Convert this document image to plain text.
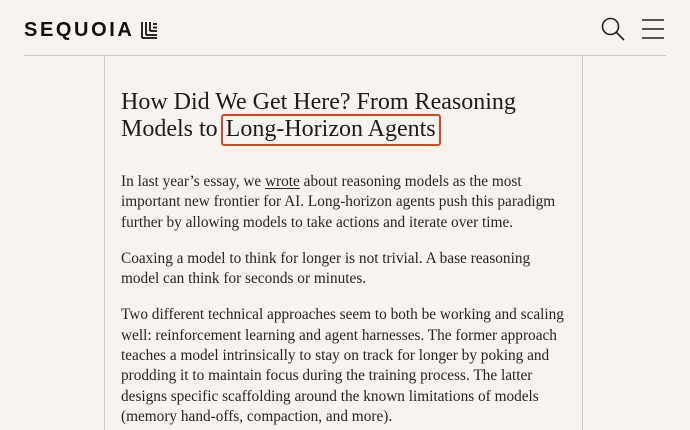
SEQUOIA
How Did We Get Here? From Reasoning Models to Long-Horizon Agents

In last year’s essay, we wrote about reasoning models as the most important new frontier for AI. Long-horizon agents push this paradigm further by allowing models to take actions and iterate over time.

Coaxing a model to think for longer is not trivial. A base reasoning model can think for seconds or minutes.

Two different technical approaches seem to both be working and scaling well: reinforcement learning and agent harnesses. The former approach teaches a model intrinsically to stay on track for longer by poking and prodding it to maintain focus during the training process. The latter designs specific scaffolding around the known limitations of models (memory hand-offs, compaction, and more).
